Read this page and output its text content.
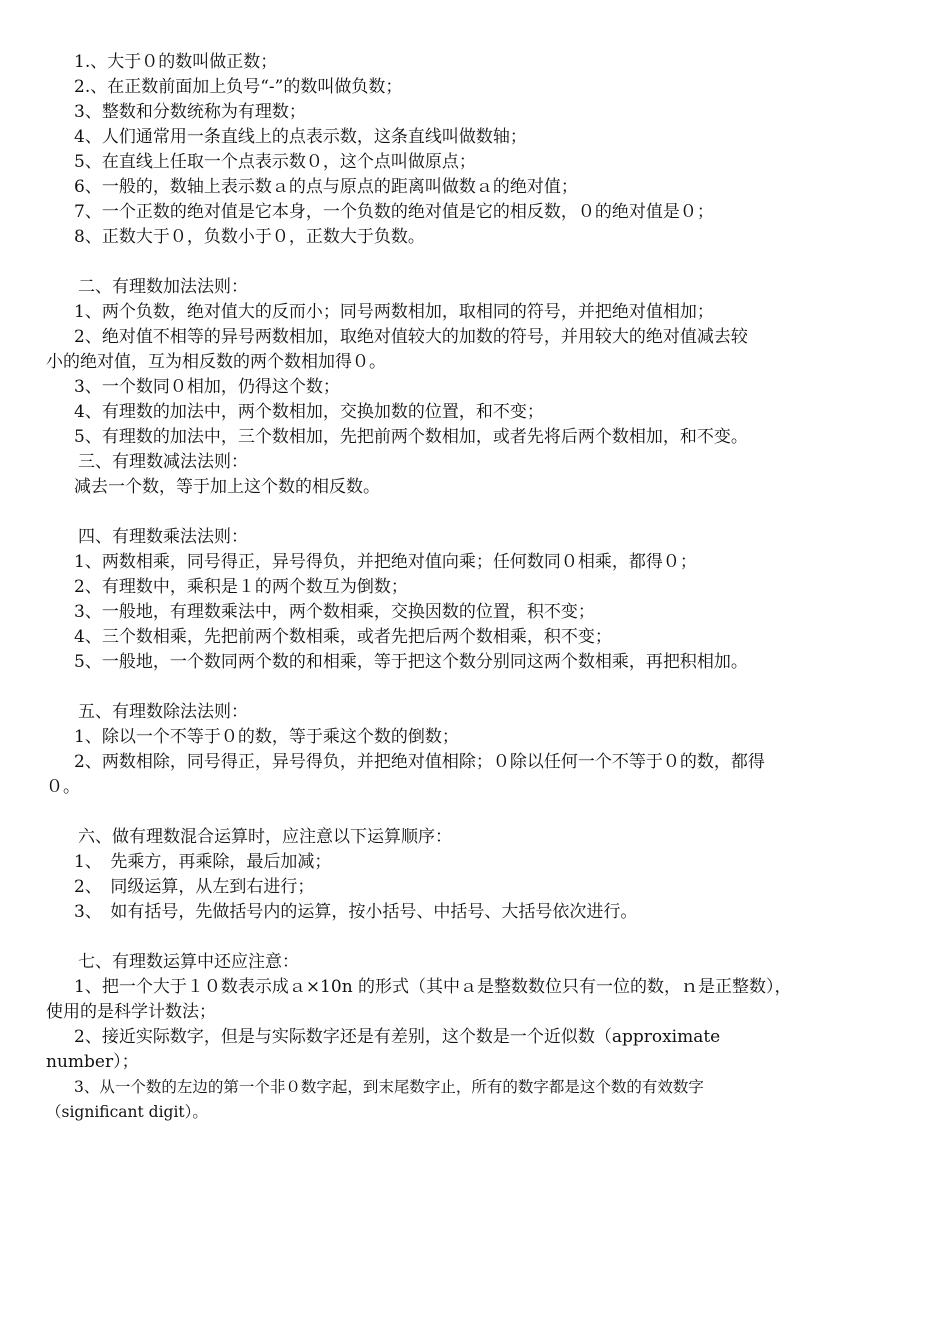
1.、大于０的数叫做正数；
2.、在正数前面加上负号“-”的数叫做负数；
3、整数和分数统称为有理数；
4、人们通常用一条直线上的点表示数，这条直线叫做数轴；
5、在直线上任取一个点表示数０，这个点叫做原点；
6、一般的，数轴上表示数ａ的点与原点的距离叫做数ａ的绝对值；
7、一个正数的绝对值是它本身，一个负数的绝对值是它的相反数，０的绝对值是０；
8、正数大于０，负数小于０，正数大于负数。
二、有理数加法法则：
1、两个负数，绝对值大的反而小；同号两数相加，取相同的符号，并把绝对值相加；
2、绝对值不相等的异号两数相加，取绝对值较大的加数的符号，并用较大的绝对值减去较
小的绝对值，互为相反数的两个数相加得０。
3、一个数同０相加，仍得这个数；
4、有理数的加法中，两个数相加，交换加数的位置，和不变；
5、有理数的加法中，三个数相加，先把前两个数相加，或者先将后两个数相加，和不变。
三、有理数减法法则：
减去一个数，等于加上这个数的相反数。
四、有理数乘法法则：
1、两数相乘，同号得正，异号得负，并把绝对值向乘；任何数同０相乘，都得０；
2、有理数中，乘积是１的两个数互为倒数；
3、一般地，有理数乘法中，两个数相乘，交换因数的位置，积不变；
4、三个数相乘，先把前两个数相乘，或者先把后两个数相乘，积不变；
5、一般地，一个数同两个数的和相乘，等于把这个数分别同这两个数相乘，再把积相加。
五、有理数除法法则：
1、除以一个不等于０的数，等于乘这个数的倒数；
2、两数相除，同号得正，异号得负，并把绝对值相除；０除以任何一个不等于０的数，都得
０。
六、做有理数混合运算时，应注意以下运算顺序：
1、　先乘方，再乘除，最后加减；
2、　同级运算，从左到右进行；
3、　如有括号，先做括号内的运算，按小括号、中括号、大括号依次进行。
七、有理数运算中还应注意：
1、把一个大于１０数表示成ａ×10n 的形式（其中ａ是整数数位只有一位的数，ｎ是正整数），
使用的是科学计数法；
2、接近实际数字，但是与实际数字还是有差别，这个数是一个近似数（approximate
number）；
3、从一个数的左边的第一个非０数字起，到末尾数字止，所有的数字都是这个数的有效数字
（significant digit）。
